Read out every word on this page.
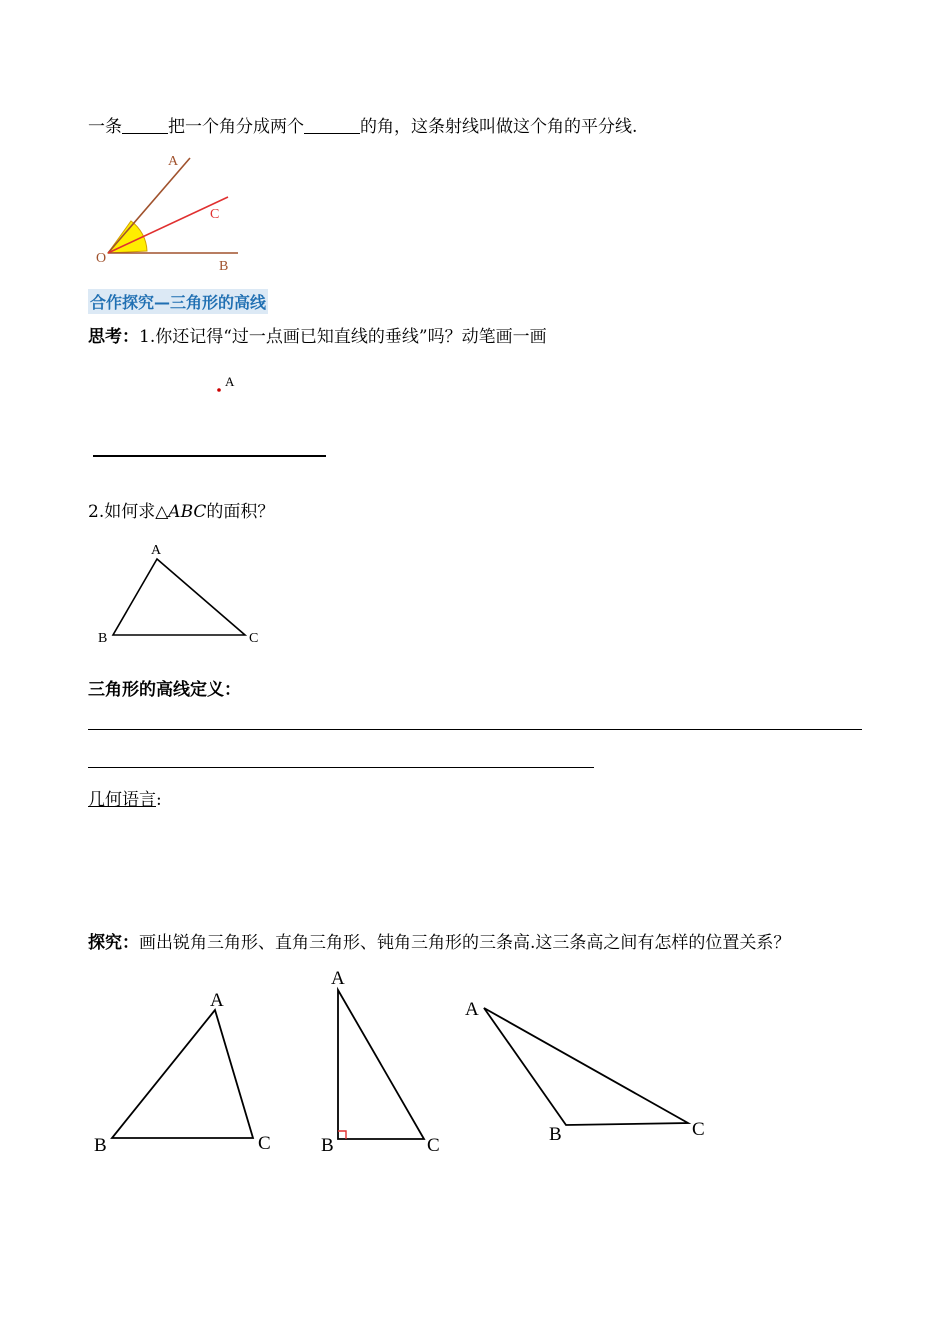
一条	把一个角分成两个	的角，这条射线叫做这个角的平分线.
A
C
O
B
合作探究—三角形的高线
思考：1.你还记得“过一点画已知直线的垂线”吗？动笔画一画
A
2.如何求△ABC的面积？
A
B	C
三角形的高线定义：
几何语言:
探究：画出锐角三角形、直角三角形、钝角三角形的三条高.这三条高之间有怎样的位置关系？
A
B	C
A
B	C
A
B	C
